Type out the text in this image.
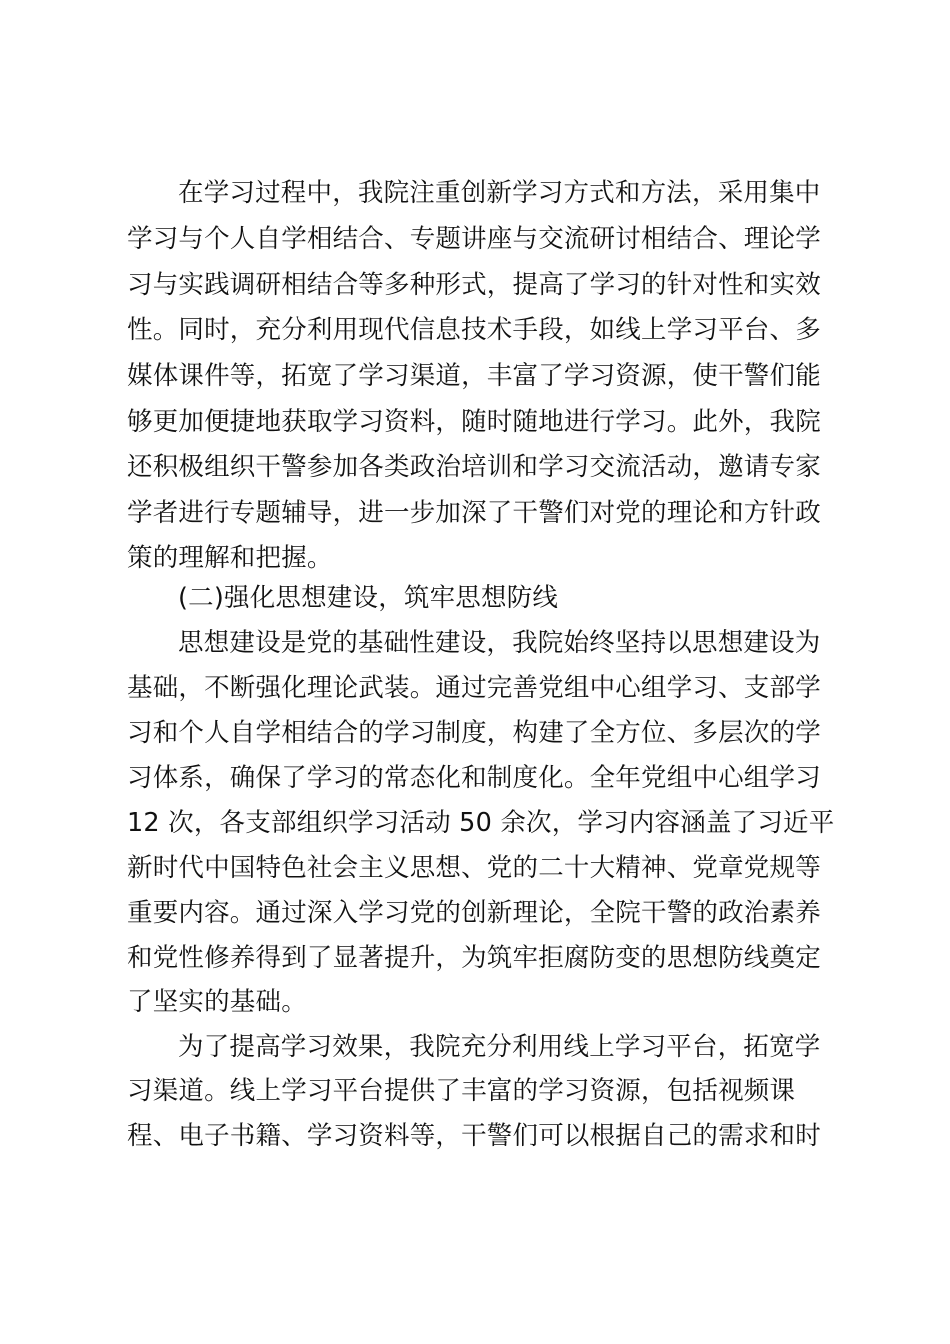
在学习过程中，我院注重创新学习方式和方法，采用集中

学习与个人自学相结合、专题讲座与交流研讨相结合、理论学

习与实践调研相结合等多种形式，提高了学习的针对性和实效

性。同时，充分利用现代信息技术手段，如线上学习平台、多

媒体课件等，拓宽了学习渠道，丰富了学习资源，使干警们能

够更加便捷地获取学习资料，随时随地进行学习。此外，我院

还积极组织干警参加各类政治培训和学习交流活动，邀请专家

学者进行专题辅导，进一步加深了干警们对党的理论和方针政

策的理解和把握。

(二)强化思想建设，筑牢思想防线

思想建设是党的基础性建设，我院始终坚持以思想建设为

基础，不断强化理论武装。通过完善党组中心组学习、支部学

习和个人自学相结合的学习制度，构建了全方位、多层次的学

习体系，确保了学习的常态化和制度化。全年党组中心组学习

12 次，各支部组织学习活动 50 余次，学习内容涵盖了习近平

新时代中国特色社会主义思想、党的二十大精神、党章党规等

重要内容。通过深入学习党的创新理论，全院干警的政治素养

和党性修养得到了显著提升，为筑牢拒腐防变的思想防线奠定

了坚实的基础。

为了提高学习效果，我院充分利用线上学习平台，拓宽学

习渠道。线上学习平台提供了丰富的学习资源，包括视频课

程、电子书籍、学习资料等，干警们可以根据自己的需求和时
